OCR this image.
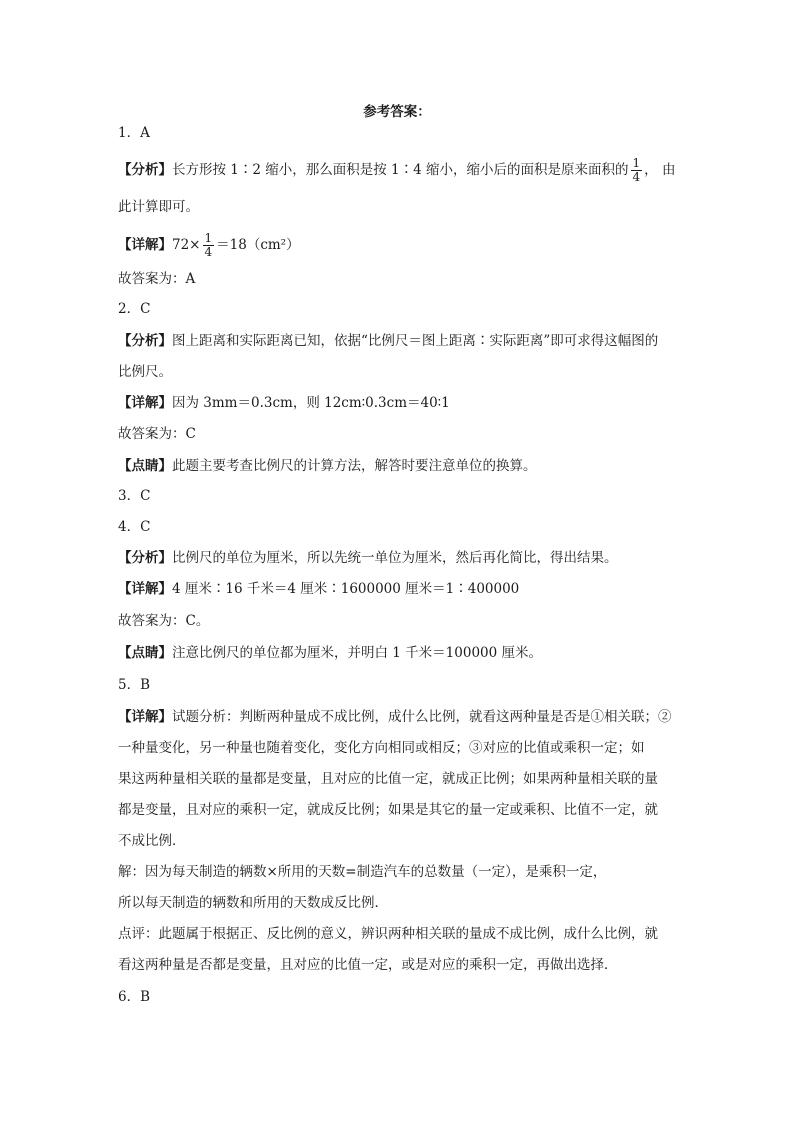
参考答案：
1．A
【分析】长方形按 1∶2 缩小，那么面积是按 1∶4 缩小，缩小后的面积是原来面积的 $\frac{1}{4}$ ， 由
此计算即可。
【详解】$72\times \frac{1}{4} =18(cm^2)$
故答案为：A
2．C
【分析】图上距离和实际距离已知，依据“比例尺＝图上距离∶实际距离”即可求得这幅图的
比例尺。
【详解】因为 3mm＝0.3cm，则 12cm∶0.3cm＝40∶1
故答案为：C
【点睛】此题主要考查比例尺的计算方法，解答时要注意单位的换算。
3．C
4．C
【分析】比例尺的单位为厘米，所以先统一单位为厘米，然后再化简比，得出结果。
【详解】4 厘米∶16 千米＝4 厘米∶1600000 厘米＝1∶400000
故答案为：C。
【点睛】注意比例尺的单位都为厘米，并明白 1 千米＝100000 厘米。
5．B
【详解】试题分析：判断两种量成不成比例，成什么比例，就看这两种量是否是①相关联；②
一种量变化，另一种量也随着变化，变化方向相同或相反；③对应的比值或乘积一定；如
果这两种量相关联的量都是变量，且对应的比值一定，就成正比例；如果两种量相关联的量
都是变量，且对应的乘积一定，就成反比例；如果是其它的量一定或乘积、比值不一定，就
不成比例．
解：因为每天制造的辆数×所用的天数=制造汽车的总数量（一定），是乘积一定，
所以每天制造的辆数和所用的天数成反比例．
点评：此题属于根据正、反比例的意义，辨识两种相关联的量成不成比例，成什么比例，就
看这两种量是否都是变量，且对应的比值一定，或是对应的乘积一定，再做出选择．
6．B
